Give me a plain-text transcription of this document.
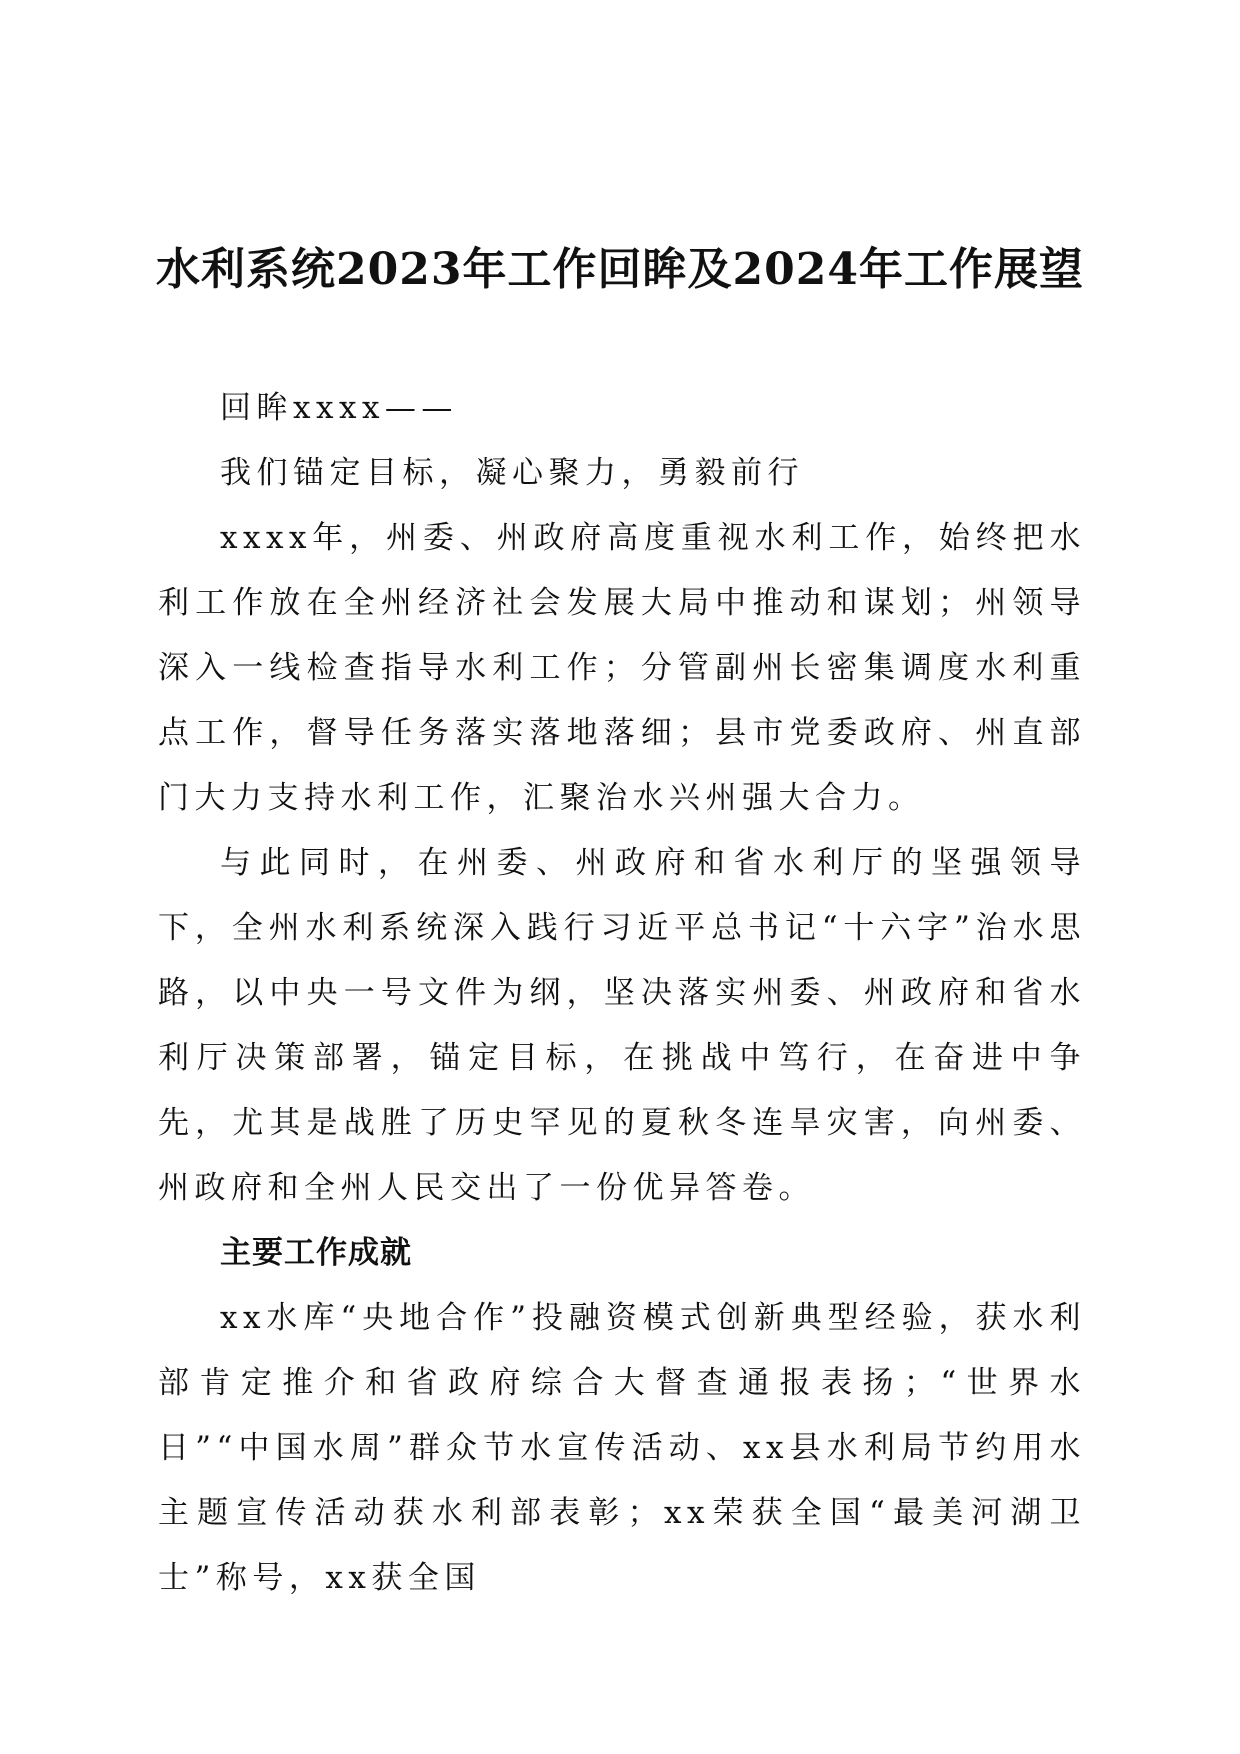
水利系统2023年工作回眸及2024年工作展望

回眸xxxx——

我们锚定目标，凝心聚力，勇毅前行

xxxx年，州委、州政府高度重视水利工作，始终把水利工作放在全州经济社会发展大局中推动和谋划；州领导深入一线检查指导水利工作；分管副州长密集调度水利重点工作，督导任务落实落地落细；县市党委政府、州直部门大力支持水利工作，汇聚治水兴州强大合力。

与此同时，在州委、州政府和省水利厅的坚强领导下，全州水利系统深入践行习近平总书记“十六字”治水思路，以中央一号文件为纲，坚决落实州委、州政府和省水利厅决策部署，锚定目标，在挑战中笃行，在奋进中争先，尤其是战胜了历史罕见的夏秋冬连旱灾害，向州委、州政府和全州人民交出了一份优异答卷。

主要工作成就

xx水库“央地合作”投融资模式创新典型经验，获水利部肯定推介和省政府综合大督查通报表扬；“世界水日”“中国水周”群众节水宣传活动、xx县水利局节约用水主题宣传活动获水利部表彰；xx荣获全国“最美河湖卫士”称号，xx获全国
